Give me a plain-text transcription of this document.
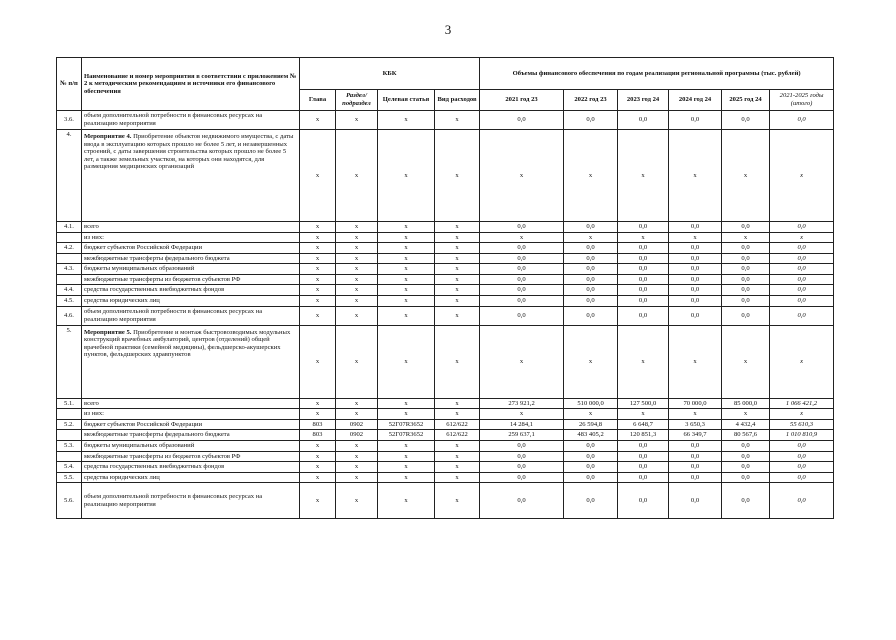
3
№ п/п	Наименование и номер мероприятия в соответствии с приложением № 2 к методическим рекомендациям и источники его финансового обеспечения	КБК				Объемы финансового обеспечения по годам реализации региональной программы (тыс. рублей)					
		Глава	Раздел/ подраздел	Целевая статья	Вид расходов	2021 год 23	2022 год 23	2023 год 24	2024 год 24	2025 год 24	2021-2025 годы (итого)
3.6.	объем дополнительной потребности в финансовых ресурсах на реализацию мероприятия	x	x	x	x	0,0	0,0	0,0	0,0	0,0	0,0
4.	Мероприятие 4. Приобретение объектов недвижимого имущества, с даты ввода в эксплуатацию которых прошло не более 5 лет, и незавершенных строений, с даты завершения строительства которых прошло не более 5 лет, а также земельных участков, на которых они находятся, для размещения медицинских организаций	x	x	x	x	x	x	x	x	x	x
4.1.	всего	x	x	x	x	0,0	0,0	0,0	0,0	0,0	0,0
	из них:	x	x	x	x	x	x	x	x	x	x
4.2.	бюджет субъектов Российской Федерации	x	x	x	x	0,0	0,0	0,0	0,0	0,0	0,0
	межбюджетные трансферты федерального бюджета	x	x	x	x	0,0	0,0	0,0	0,0	0,0	0,0
4.3.	бюджеты муниципальных образований	x	x	x	x	0,0	0,0	0,0	0,0	0,0	0,0
	межбюджетные трансферты из бюджетов субъектов РФ	x	x	x	x	0,0	0,0	0,0	0,0	0,0	0,0
4.4.	средства государственных внебюджетных фондов	x	x	x	x	0,0	0,0	0,0	0,0	0,0	0,0
4.5.	средства юридических лиц	x	x	x	x	0,0	0,0	0,0	0,0	0,0	0,0
4.6.	объем дополнительной потребности в финансовых ресурсах на реализацию мероприятия	x	x	x	x	0,0	0,0	0,0	0,0	0,0	0,0
5.	Мероприятие 5. Приобретение и монтаж быстровозводимых модульных конструкций врачебных амбулаторий, центров (отделений) общей врачебной практики (семейной медицины), фельдшерско-акушерских пунктов, фельдшерских здравпунктов	x	x	x	x	x	x	x	x	x	x
5.1.	всего	x	x	x	x	273 921,2	510 000,0	127 500,0	70 000,0	85 000,0	1 066 421,2
	из них:	x	x	x	x	x	x	x	x	x	x
5.2.	бюджет субъектов Российской Федерации	803	0902	52Г07R3652	612/622	14 284,1	26 594,8	6 648,7	3 650,3	4 432,4	55 610,3
	межбюджетные трансферты федерального бюджета	803	0902	52Г07R3652	612/622	259 637,1	483 405,2	120 851,3	66 349,7	80 567,6	1 010 810,9
5.3.	бюджеты муниципальных образований	x	x	x	x	0,0	0,0	0,0	0,0	0,0	0,0
	межбюджетные трансферты из бюджетов субъектов РФ	x	x	x	x	0,0	0,0	0,0	0,0	0,0	0,0
5.4.	средства государственных внебюджетных фондов	x	x	x	x	0,0	0,0	0,0	0,0	0,0	0,0
5.5.	средства юридических лиц	x	x	x	x	0,0	0,0	0,0	0,0	0,0	0,0
5.6.	объем дополнительной потребности в финансовых ресурсах на реализацию мероприятия	x	x	x	x	0,0	0,0	0,0	0,0	0,0	0,0
